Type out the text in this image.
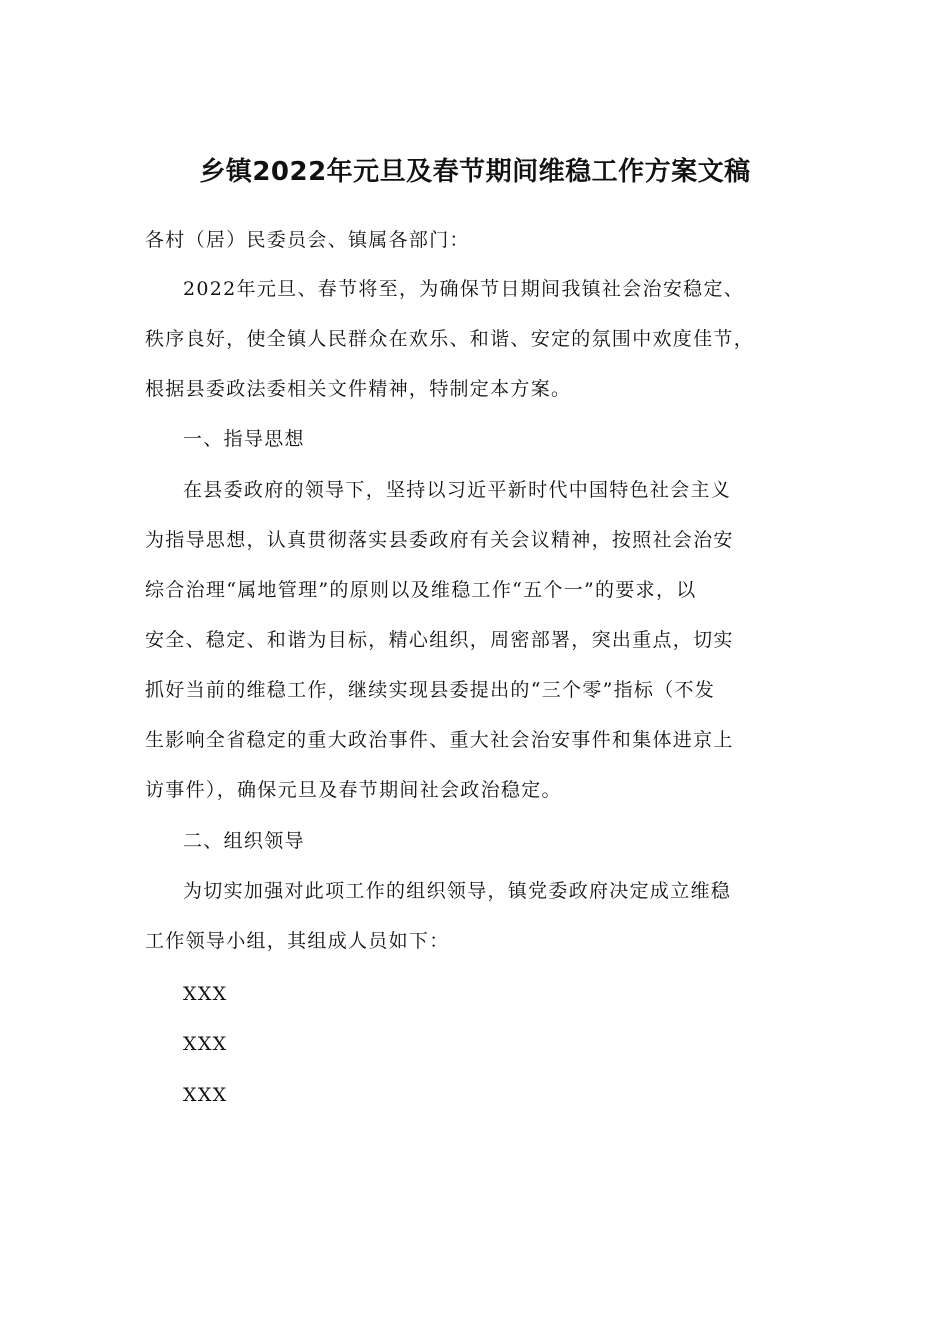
乡镇2022年元旦及春节期间维稳工作方案文稿
各村（居）民委员会、镇属各部门：
2022年元旦、春节将至，为确保节日期间我镇社会治安稳定、
秩序良好，使全镇人民群众在欢乐、和谐、安定的氛围中欢度佳节，
根据县委政法委相关文件精神，特制定本方案。
一、指导思想
在县委政府的领导下，坚持以习近平新时代中国特色社会主义
为指导思想，认真贯彻落实县委政府有关会议精神，按照社会治安
综合治理“属地管理”的原则以及维稳工作“五个一”的要求，以
安全、稳定、和谐为目标，精心组织，周密部署，突出重点，切实
抓好当前的维稳工作，继续实现县委提出的“三个零”指标（不发
生影响全省稳定的重大政治事件、重大社会治安事件和集体进京上
访事件），确保元旦及春节期间社会政治稳定。
二、组织领导
为切实加强对此项工作的组织领导，镇党委政府决定成立维稳
工作领导小组，其组成人员如下：
XXX
XXX
XXX
